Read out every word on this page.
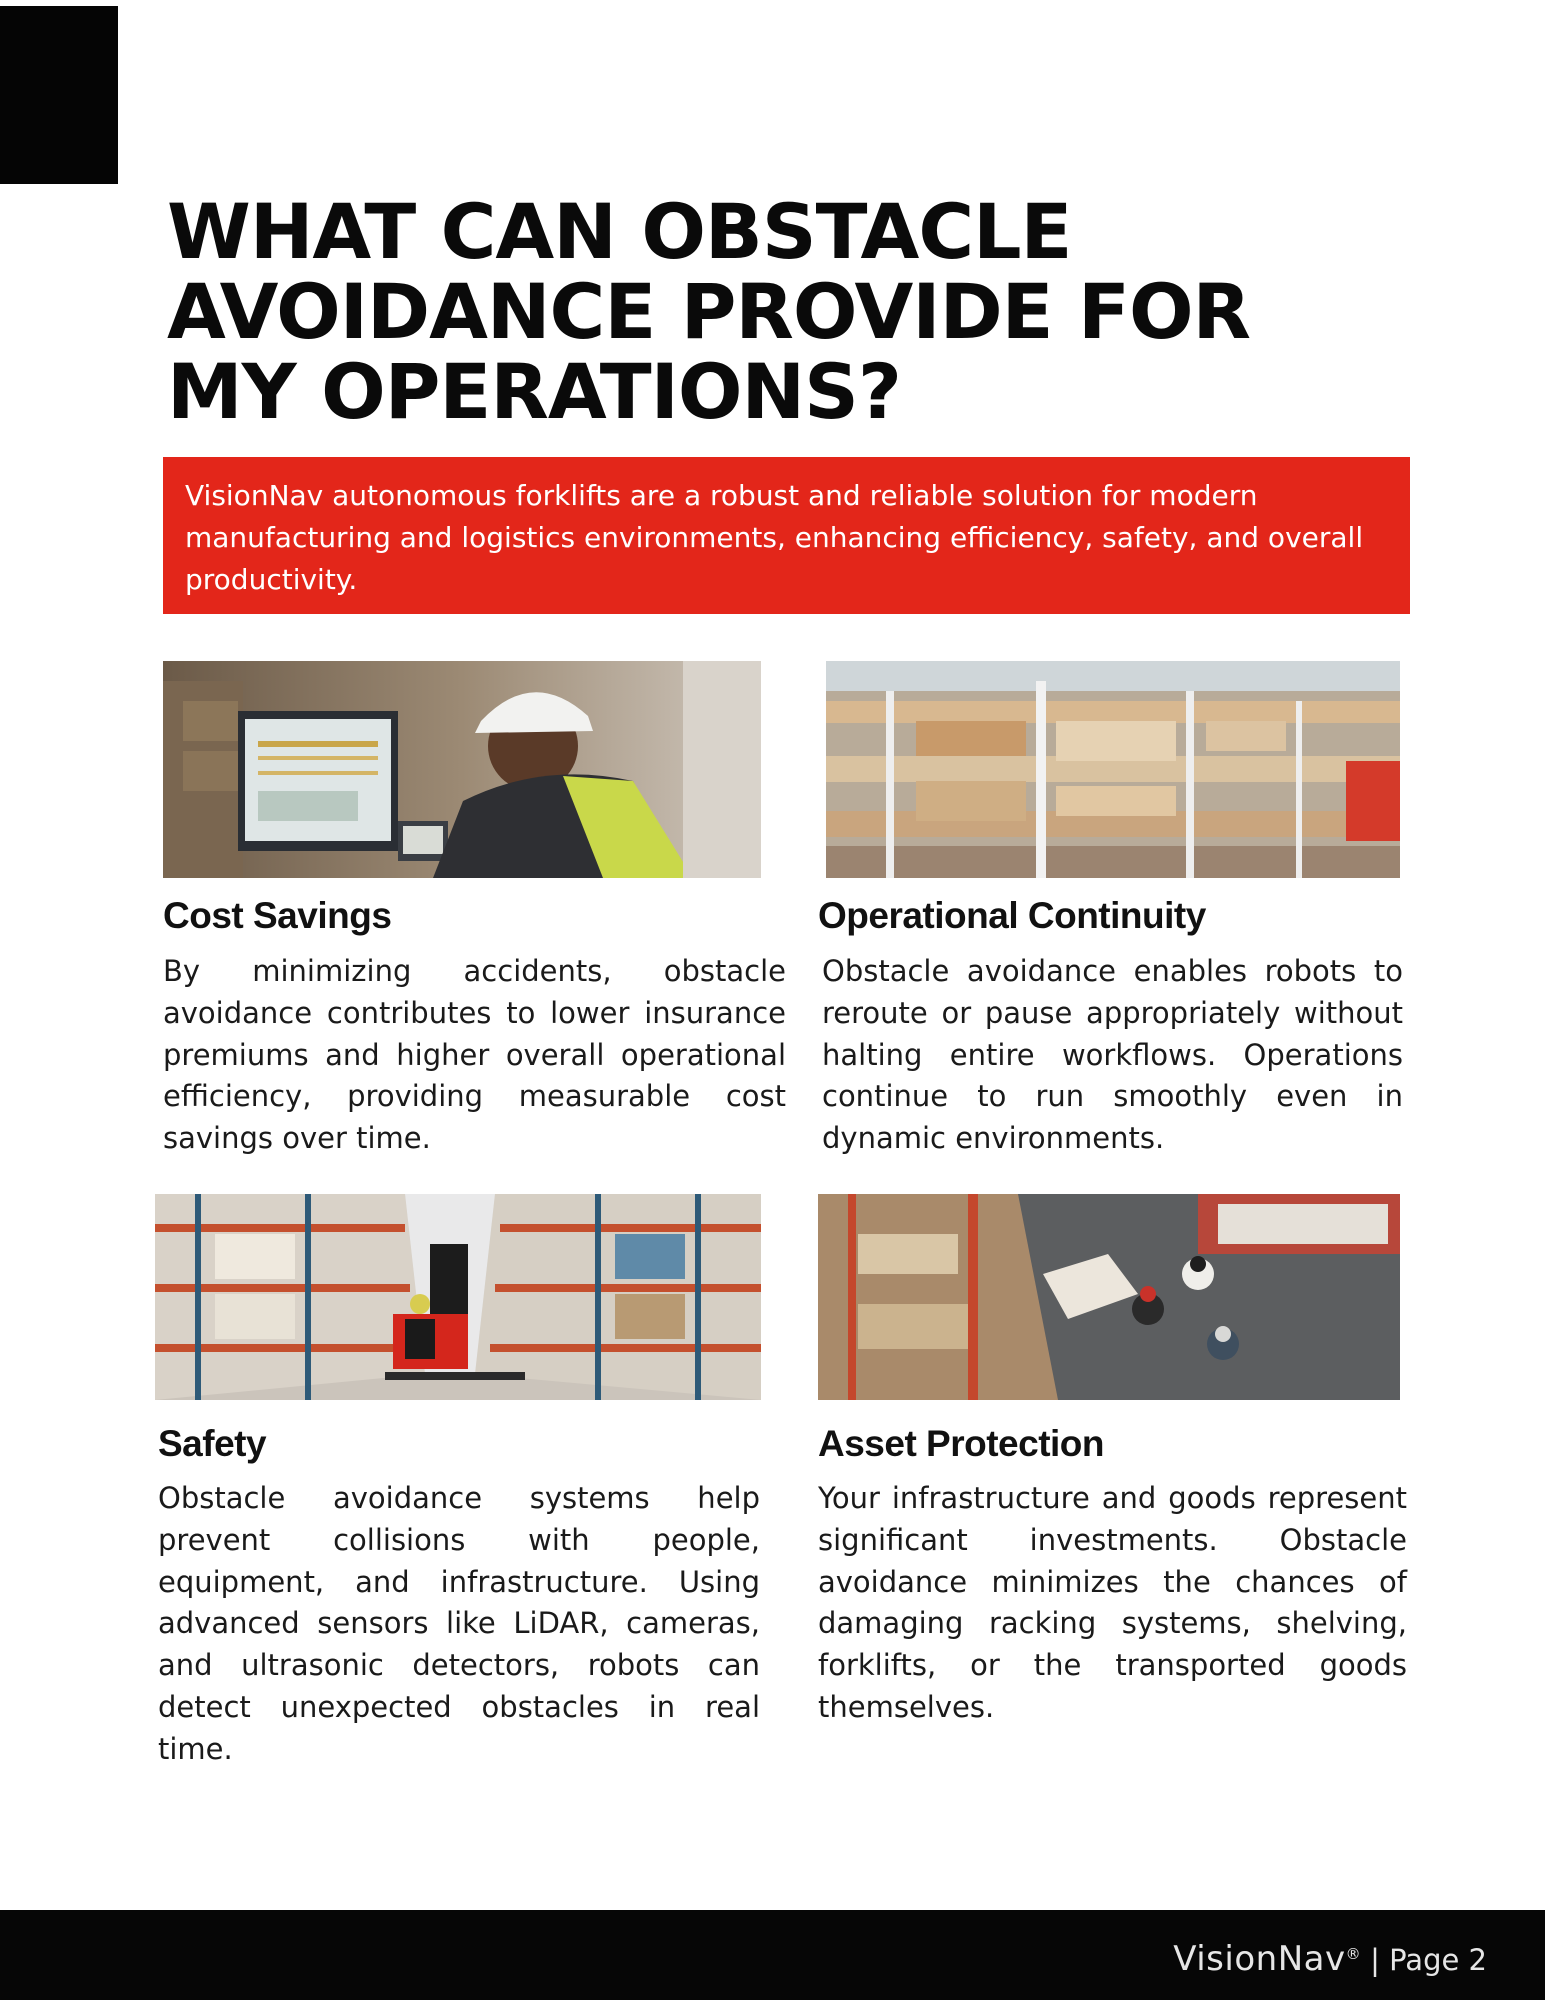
WHAT CAN OBSTACLE
AVOIDANCE PROVIDE FOR
MY OPERATIONS?

VisionNav autonomous forklifts are a robust and reliable solution for modern manufacturing and logistics environments, enhancing efficiency, safety, and overall productivity.

Cost Savings

By minimizing accidents, obstacle avoidance contributes to lower insurance premiums and higher overall operational efficiency, providing measurable cost savings over time.

Operational Continuity

Obstacle avoidance enables robots to reroute or pause appropriately without halting entire workflows. Operations continue to run smoothly even in dynamic environments.

Safety

Obstacle avoidance systems help prevent collisions with people, equipment, and infrastructure. Using advanced sensors like LiDAR, cameras, and ultrasonic detectors, robots can detect unexpected obstacles in real time.

Asset Protection

Your infrastructure and goods represent significant investments. Obstacle avoidance minimizes the chances of damaging racking systems, shelving, forklifts, or the transported goods themselves.

VisionNav® | Page 2
